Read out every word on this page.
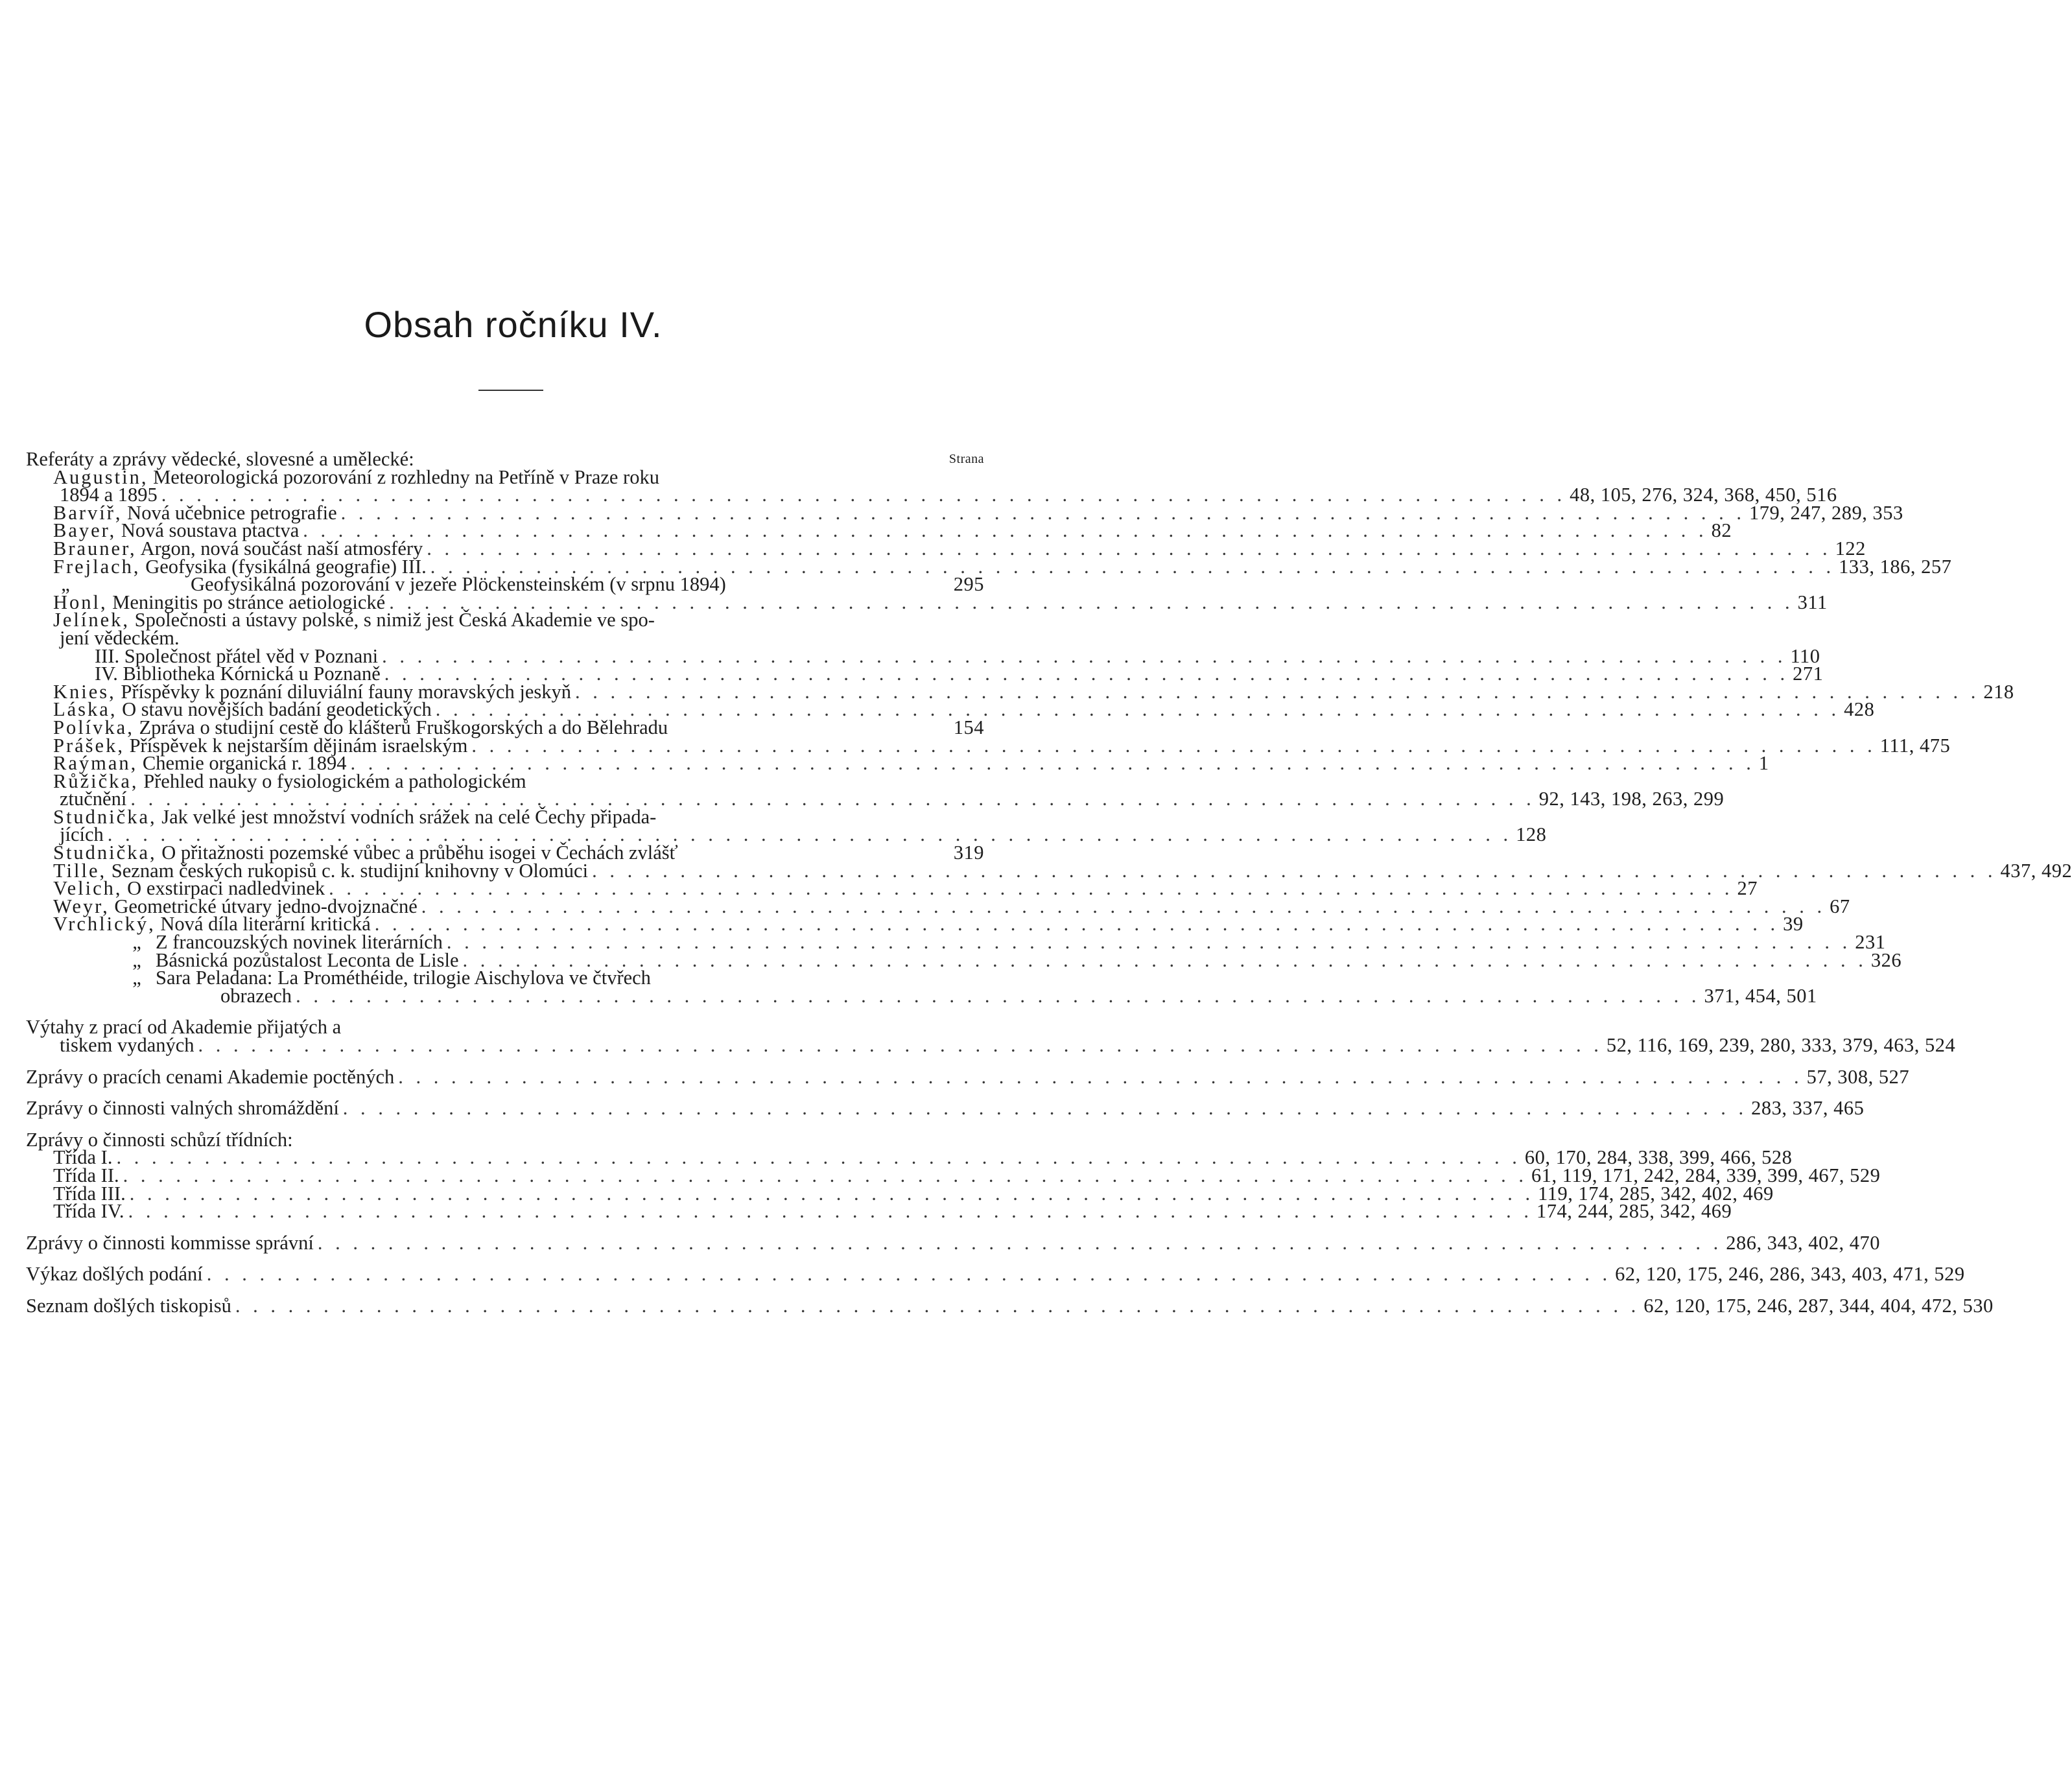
Obsah ročníku IV.
Referáty a zprávy vědecké, slovesné a umělecké:	Strana
Augustin, Meteorologická pozorování z rozhledny na Petříně v Praze roku
1894 a 1895 . . . . . . . . . . . . . . . . . . . . . . . . . . . . . . . . . . . . . . . . . . . . . . . . . . . . . . . . . . . . . . . . . . . . . . . . . . . . . . . . 48, 105, 276, 324, 368, 450, 516
Barvíř, Nová učebnice petrografie . . . . . . . . . . . . . . . . . . . . . . . . . . . . . . . . . . . . . . . . . . . . . . . . . . . . . . . . . . . . . . . . . . . . . . . . . . . . . . . . 179, 247, 289, 353
Bayer, Nová soustava ptactva . . . . . . . . . . . . . . . . . . . . . . . . . . . . . . . . . . . . . . . . . . . . . . . . . . . . . . . . . . . . . . . . . . . . . . . . . . . . . . . . 82
Brauner, Argon, nová součást naší atmosféry . . . . . . . . . . . . . . . . . . . . . . . . . . . . . . . . . . . . . . . . . . . . . . . . . . . . . . . . . . . . . . . . . . . . . . . . . . . . . . . . 122
Frejlach, Geofysika (fysikálná geografie) III. . . . . . . . . . . . . . . . . . . . . . . . . . . . . . . . . . . . . . . . . . . . . . . . . . . . . . . . . . . . . . . . . . . . . . . . . . . . . . . . . 133, 186, 257
„	Geofysikálná pozorování v jezeře Plöckensteinském (v srpnu 1894)	295
Honl, Meningitis po stránce aetiologické . . . . . . . . . . . . . . . . . . . . . . . . . . . . . . . . . . . . . . . . . . . . . . . . . . . . . . . . . . . . . . . . . . . . . . . . . . . . . . . . 311
Jelínek, Společnosti a ústavy polské, s nimiž jest Česká Akademie ve spo-
jení vědeckém.
III. Společnost přátel věd v Poznani . . . . . . . . . . . . . . . . . . . . . . . . . . . . . . . . . . . . . . . . . . . . . . . . . . . . . . . . . . . . . . . . . . . . . . . . . . . . . . . . 110
IV. Bibliotheka Kórnická u Poznaně . . . . . . . . . . . . . . . . . . . . . . . . . . . . . . . . . . . . . . . . . . . . . . . . . . . . . . . . . . . . . . . . . . . . . . . . . . . . . . . . 271
Knies, Příspěvky k poznání diluviální fauny moravských jeskyň . . . . . . . . . . . . . . . . . . . . . . . . . . . . . . . . . . . . . . . . . . . . . . . . . . . . . . . . . . . . . . . . . . . . . . . . . . . . . . . . 218
Láska, O stavu novějších badání geodetických . . . . . . . . . . . . . . . . . . . . . . . . . . . . . . . . . . . . . . . . . . . . . . . . . . . . . . . . . . . . . . . . . . . . . . . . . . . . . . . . 428
Polívka, Zpráva o studijní cestě do klášterů Fruškogorských a do Bělehradu	154
Prášek, Příspěvek k nejstarším dějinám israelským . . . . . . . . . . . . . . . . . . . . . . . . . . . . . . . . . . . . . . . . . . . . . . . . . . . . . . . . . . . . . . . . . . . . . . . . . . . . . . . . 111, 475
Raýman, Chemie organická r. 1894 . . . . . . . . . . . . . . . . . . . . . . . . . . . . . . . . . . . . . . . . . . . . . . . . . . . . . . . . . . . . . . . . . . . . . . . . . . . . . . . . 1
Růžička, Přehled nauky o fysiologickém a pathologickém
ztučnění . . . . . . . . . . . . . . . . . . . . . . . . . . . . . . . . . . . . . . . . . . . . . . . . . . . . . . . . . . . . . . . . . . . . . . . . . . . . . . . . 92, 143, 198, 263, 299
Studnička, Jak velké jest množství vodních srážek na celé Čechy připada-
jících . . . . . . . . . . . . . . . . . . . . . . . . . . . . . . . . . . . . . . . . . . . . . . . . . . . . . . . . . . . . . . . . . . . . . . . . . . . . . . . . 128
Studnička, O přitažnosti pozemské vůbec a průběhu isogei v Čechách zvlášť	319
Tille, Seznam českých rukopisů c. k. studijní knihovny v Olomúci . . . . . . . . . . . . . . . . . . . . . . . . . . . . . . . . . . . . . . . . . . . . . . . . . . . . . . . . . . . . . . . . . . . . . . . . . . . . . . . . 437, 492
Velich, O exstirpaci nadledvinek . . . . . . . . . . . . . . . . . . . . . . . . . . . . . . . . . . . . . . . . . . . . . . . . . . . . . . . . . . . . . . . . . . . . . . . . . . . . . . . . 27
Weyr, Geometrické útvary jedno-dvojznačné . . . . . . . . . . . . . . . . . . . . . . . . . . . . . . . . . . . . . . . . . . . . . . . . . . . . . . . . . . . . . . . . . . . . . . . . . . . . . . . . 67
Vrchlický, Nová díla literární kritická . . . . . . . . . . . . . . . . . . . . . . . . . . . . . . . . . . . . . . . . . . . . . . . . . . . . . . . . . . . . . . . . . . . . . . . . . . . . . . . . 39
„ Z francouzských novinek literárních . . . . . . . . . . . . . . . . . . . . . . . . . . . . . . . . . . . . . . . . . . . . . . . . . . . . . . . . . . . . . . . . . . . . . . . . . . . . . . . . 231
„ Básnická pozůstalost Leconta de Lisle . . . . . . . . . . . . . . . . . . . . . . . . . . . . . . . . . . . . . . . . . . . . . . . . . . . . . . . . . . . . . . . . . . . . . . . . . . . . . . . . 326
„ Sara Peladana: La Prométhéide, trilogie Aischylova ve čtvřech
obrazech . . . . . . . . . . . . . . . . . . . . . . . . . . . . . . . . . . . . . . . . . . . . . . . . . . . . . . . . . . . . . . . . . . . . . . . . . . . . . . . . 371, 454, 501
Výtahy z prací od Akademie přijatých a
tiskem vydaných . . . . . . . . . . . . . . . . . . . . . . . . . . . . . . . . . . . . . . . . . . . . . . . . . . . . . . . . . . . . . . . . . . . . . . . . . . . . . . . . 52, 116, 169, 239, 280, 333, 379, 463, 524
Zprávy o pracích cenami Akademie poctěných . . . . . . . . . . . . . . . . . . . . . . . . . . . . . . . . . . . . . . . . . . . . . . . . . . . . . . . . . . . . . . . . . . . . . . . . . . . . . . . . 57, 308, 527
Zprávy o činnosti valných shromáždění . . . . . . . . . . . . . . . . . . . . . . . . . . . . . . . . . . . . . . . . . . . . . . . . . . . . . . . . . . . . . . . . . . . . . . . . . . . . . . . . 283, 337, 465
Zprávy o činnosti schůzí třídních:
Třída I. . . . . . . . . . . . . . . . . . . . . . . . . . . . . . . . . . . . . . . . . . . . . . . . . . . . . . . . . . . . . . . . . . . . . . . . . . . . . . . . . 60, 170, 284, 338, 399, 466, 528
Třída II. . . . . . . . . . . . . . . . . . . . . . . . . . . . . . . . . . . . . . . . . . . . . . . . . . . . . . . . . . . . . . . . . . . . . . . . . . . . . . . . . 61, 119, 171, 242, 284, 339, 399, 467, 529
Třída III. . . . . . . . . . . . . . . . . . . . . . . . . . . . . . . . . . . . . . . . . . . . . . . . . . . . . . . . . . . . . . . . . . . . . . . . . . . . . . . . . 119, 174, 285, 342, 402, 469
Třída IV. . . . . . . . . . . . . . . . . . . . . . . . . . . . . . . . . . . . . . . . . . . . . . . . . . . . . . . . . . . . . . . . . . . . . . . . . . . . . . . . . 174, 244, 285, 342, 469
Zprávy o činnosti kommisse správní . . . . . . . . . . . . . . . . . . . . . . . . . . . . . . . . . . . . . . . . . . . . . . . . . . . . . . . . . . . . . . . . . . . . . . . . . . . . . . . . 286, 343, 402, 470
Výkaz došlých podání . . . . . . . . . . . . . . . . . . . . . . . . . . . . . . . . . . . . . . . . . . . . . . . . . . . . . . . . . . . . . . . . . . . . . . . . . . . . . . . . 62, 120, 175, 246, 286, 343, 403, 471, 529
Seznam došlých tiskopisů . . . . . . . . . . . . . . . . . . . . . . . . . . . . . . . . . . . . . . . . . . . . . . . . . . . . . . . . . . . . . . . . . . . . . . . . . . . . . . . . 62, 120, 175, 246, 287, 344, 404, 472, 530
